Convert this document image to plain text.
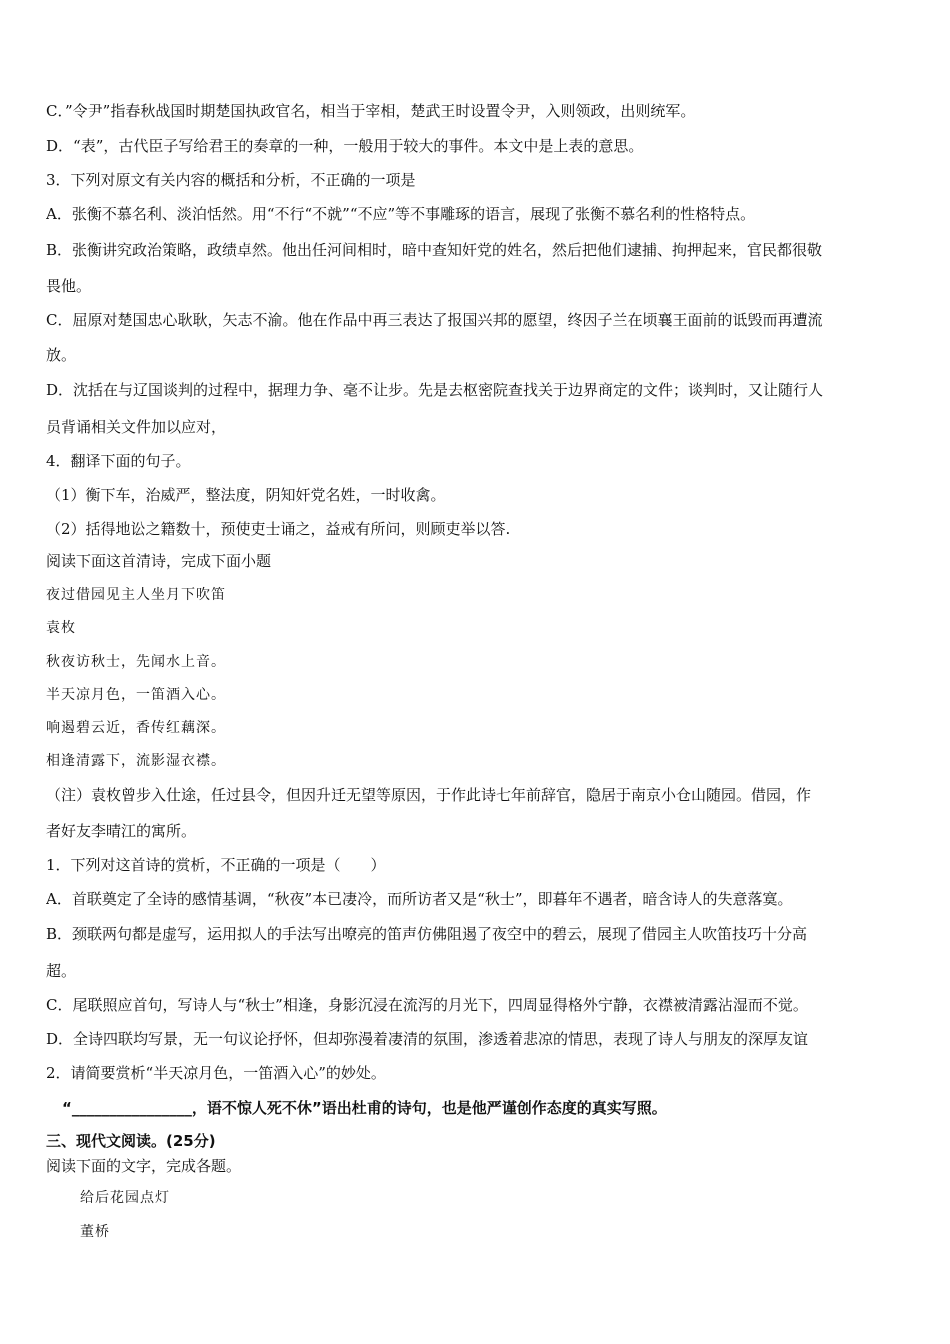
C．”令尹”指春秋战国时期楚国执政官名，相当于宰相，楚武王时设置令尹，入则领政，出则统军。
D．“表”，古代臣子写给君王的奏章的一种，一般用于较大的事件。本文中是上表的意思。
3．下列对原文有关内容的概括和分析，不正确的一项是
A．张衡不慕名利、淡泊恬然。用“不行“不就”“不应”等不事雕琢的语言，展现了张衡不慕名利的性格特点。
B．张衡讲究政治策略，政绩卓然。他出任河间相时，暗中查知奸党的姓名，然后把他们逮捕、拘押起来，官民都很敬
畏他。
C．屈原对楚国忠心耿耿，矢志不渝。他在作品中再三表达了报国兴邦的愿望，终因子兰在顷襄王面前的诋毁而再遭流
放。
D．沈括在与辽国谈判的过程中，据理力争、毫不让步。先是去枢密院查找关于边界商定的文件；谈判时，又让随行人
员背诵相关文件加以应对，
4．翻译下面的句子。
（1）衡下车，治威严，整法度，阴知奸党名姓，一时收禽。
（2）括得地讼之籍数十，预使吏士诵之，益戒有所问，则顾吏举以答.
阅读下面这首清诗，完成下面小题
夜过借园见主人坐月下吹笛
袁枚
秋夜访秋士，先闻水上音。
半天凉月色，一笛酒入心。
响遏碧云近，香传红藕深。
相逢清露下，流影湿衣襟。
（注）袁枚曾步入仕途，任过县令，但因升迁无望等原因，于作此诗七年前辞官，隐居于南京小仓山随园。借园，作
者好友李晴江的寓所。
1．下列对这首诗的赏析，不正确的一项是（　　）
A．首联奠定了全诗的感情基调，“秋夜”本已凄冷，而所访者又是“秋士”，即暮年不遇者，暗含诗人的失意落寞。
B．颈联两句都是虚写，运用拟人的手法写出嘹亮的笛声仿佛阻遏了夜空中的碧云，展现了借园主人吹笛技巧十分高
超。
C．尾联照应首句，写诗人与“秋士”相逢，身影沉浸在流泻的月光下，四周显得格外宁静，衣襟被清露沾湿而不觉。
D．全诗四联均写景，无一句议论抒怀，但却弥漫着凄清的氛围，渗透着悲凉的情思，表现了诗人与朋友的深厚友谊
2．请简要赏析“半天凉月色，一笛酒入心”的妙处。
“________________，语不惊人死不休”语出杜甫的诗句，也是他严谨创作态度的真实写照。
三、现代文阅读。(25分)
阅读下面的文字，完成各题。
给后花园点灯
董桥
